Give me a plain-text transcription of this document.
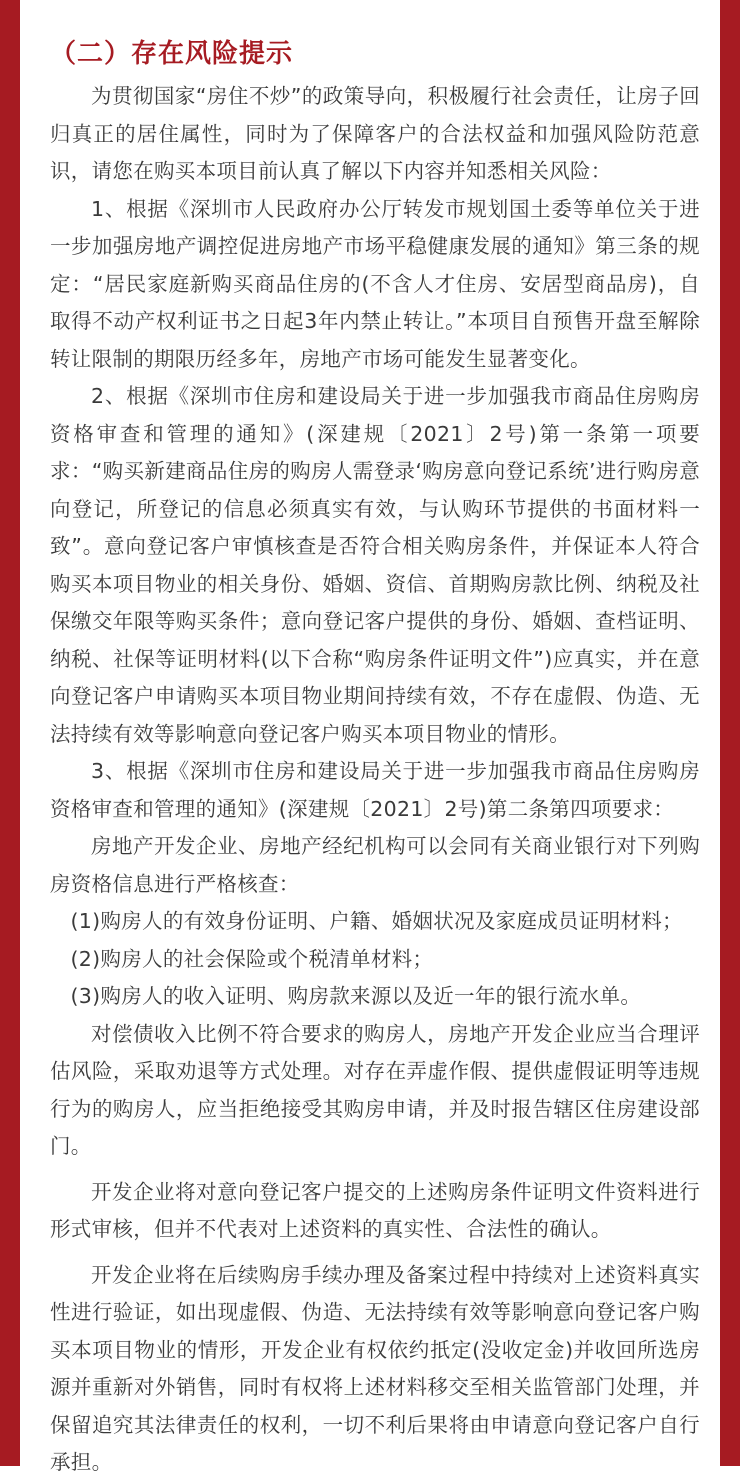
（二）存在风险提示

为贯彻国家“房住不炒”的政策导向，积极履行社会责任，让房子回归真正的居住属性，同时为了保障客户的合法权益和加强风险防范意识，请您在购买本项目前认真了解以下内容并知悉相关风险：

1、根据《深圳市人民政府办公厅转发市规划国土委等单位关于进一步加强房地产调控促进房地产市场平稳健康发展的通知》第三条的规定：“居民家庭新购买商品住房的(不含人才住房、安居型商品房)，自取得不动产权利证书之日起3年内禁止转让。”本项目自预售开盘至解除转让限制的期限历经多年，房地产市场可能发生显著变化。

2、根据《深圳市住房和建设局关于进一步加强我市商品住房购房资格审查和管理的通知》(深建规〔2021〕2号)第一条第一项要求：“购买新建商品住房的购房人需登录‘购房意向登记系统’进行购房意向登记，所登记的信息必须真实有效，与认购环节提供的书面材料一致”。意向登记客户审慎核查是否符合相关购房条件，并保证本人符合购买本项目物业的相关身份、婚姻、资信、首期购房款比例、纳税及社保缴交年限等购买条件；意向登记客户提供的身份、婚姻、查档证明、纳税、社保等证明材料(以下合称“购房条件证明文件”)应真实，并在意向登记客户申请购买本项目物业期间持续有效，不存在虚假、伪造、无法持续有效等影响意向登记客户购买本项目物业的情形。

3、根据《深圳市住房和建设局关于进一步加强我市商品住房购房资格审查和管理的通知》(深建规〔2021〕2号)第二条第四项要求：

房地产开发企业、房地产经纪机构可以会同有关商业银行对下列购房资格信息进行严格核查：

(1)购房人的有效身份证明、户籍、婚姻状况及家庭成员证明材料；

(2)购房人的社会保险或个税清单材料；

(3)购房人的收入证明、购房款来源以及近一年的银行流水单。

对偿债收入比例不符合要求的购房人，房地产开发企业应当合理评估风险，采取劝退等方式处理。对存在弄虚作假、提供虚假证明等违规行为的购房人，应当拒绝接受其购房申请，并及时报告辖区住房建设部门。

开发企业将对意向登记客户提交的上述购房条件证明文件资料进行形式审核，但并不代表对上述资料的真实性、合法性的确认。

开发企业将在后续购房手续办理及备案过程中持续对上述资料真实性进行验证，如出现虚假、伪造、无法持续有效等影响意向登记客户购买本项目物业的情形，开发企业有权依约扺定(没收定金)并收回所选房源并重新对外销售，同时有权将上述材料移交至相关监管部门处理，并保留追究其法律责任的权利，一切不利后果将由申请意向登记客户自行承担。
